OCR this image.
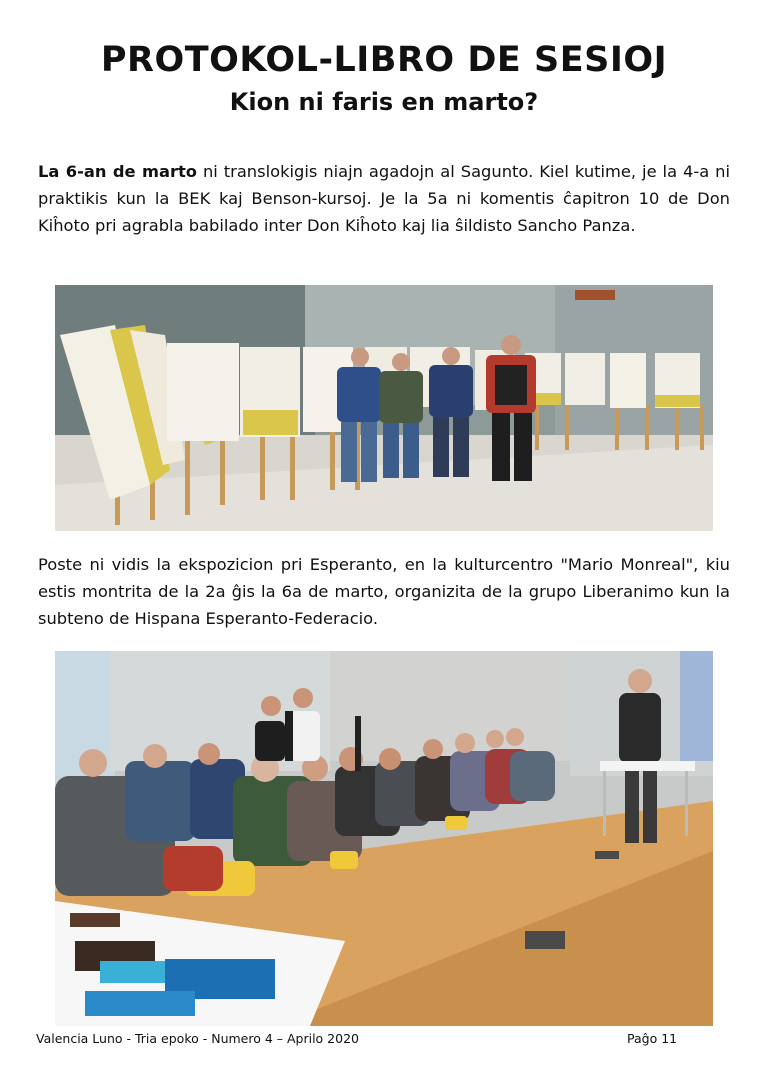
PROTOKOL-LIBRO DE SESIOJ
Kion ni faris en marto?

La 6-an de marto ni translokigis niajn agadojn al Sagunto. Kiel kutime, je la 4-a ni praktikis kun la BEK kaj Benson-kursoj. Je la 5a ni komentis ĉapitron 10 de Don Kiĥoto pri agrabla babilado inter Don Kiĥoto kaj lia ŝildisto Sancho Panza.

Poste ni vidis la ekspozicion pri Esperanto, en la kulturcentro "Mario Monreal", kiu estis montrita de la 2a ĝis la 6a de marto, organizita de la grupo Liberanimo kun la subteno de Hispana Esperanto-Federacio.

Valencia Luno - Tria epoko - Numero 4 – Aprilo 2020	Paĝo 11
